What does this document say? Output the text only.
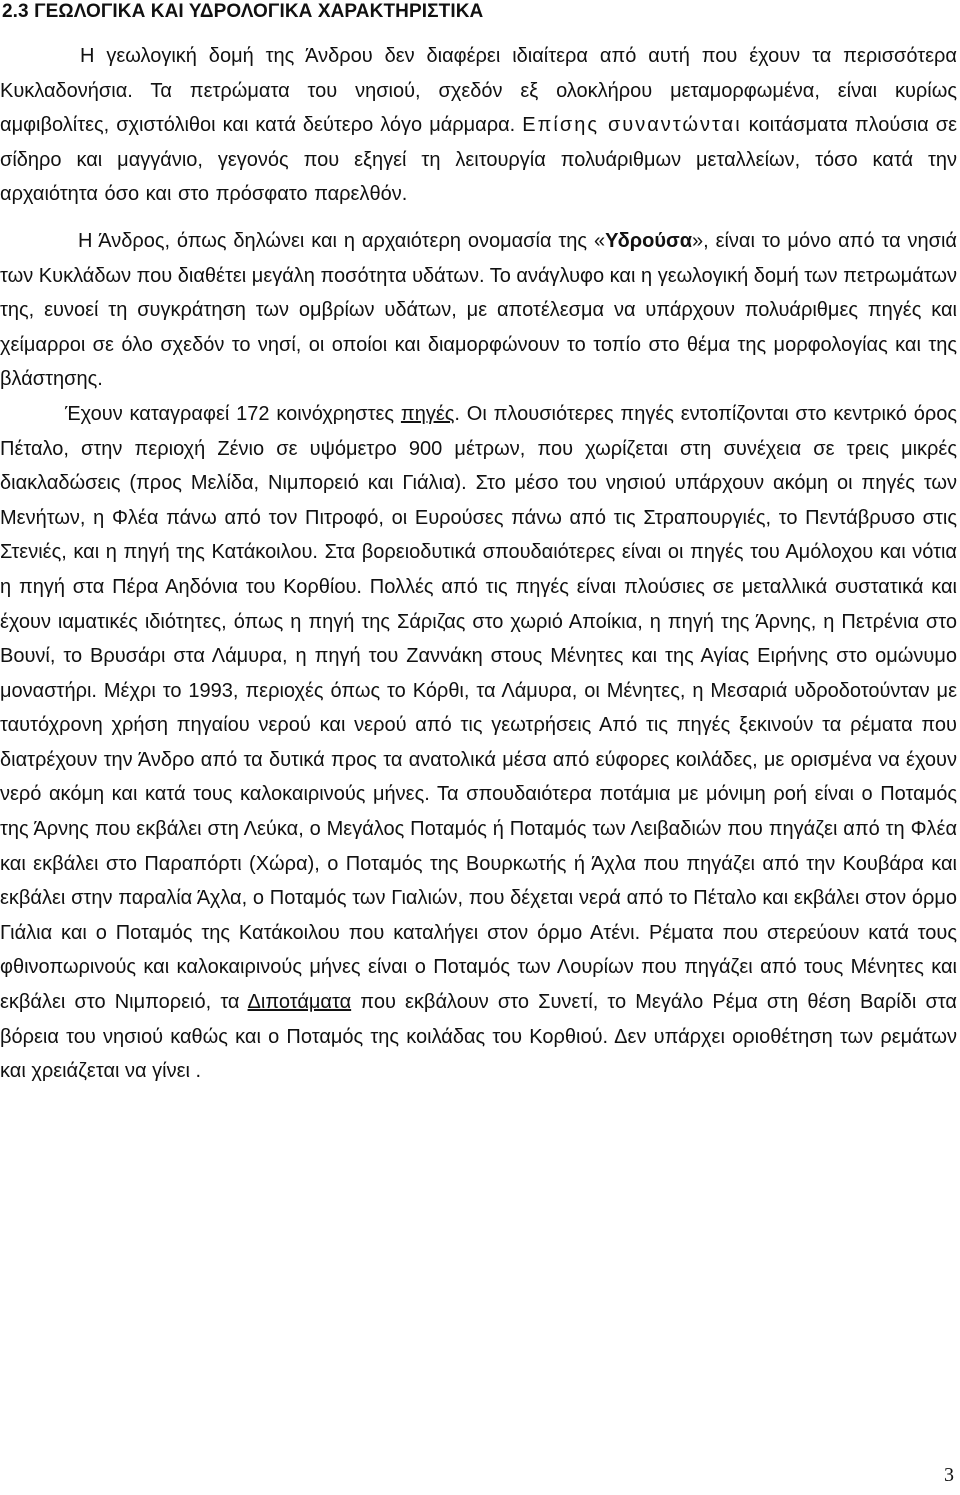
2.3 ΓΕΩΛΟΓΙΚΑ ΚΑΙ ΥΔΡΟΛΟΓΙΚΑ ΧΑΡΑΚΤΗΡΙΣΤΙΚΑ

Η γεωλογική δομή της Άνδρου δεν διαφέρει ιδιαίτερα από αυτή που έχουν τα περισσότερα Κυκλαδονήσια. Τα πετρώματα του νησιού, σχεδόν εξ ολοκλήρου μεταμορφωμένα, είναι κυρίως αμφιβολίτες, σχιστόλιθοι και κατά δεύτερο λόγο μάρμαρα. Επίσης συναντώνται κοιτάσματα πλούσια σε σίδηρο και μαγγάνιο, γεγονός που εξηγεί τη λειτουργία πολυάριθμων μεταλλείων, τόσο κατά την αρχαιότητα όσο και στο πρόσφατο παρελθόν.

Η Άνδρος, όπως δηλώνει και η αρχαιότερη ονομασία της «Υδρούσα», είναι το μόνο από τα νησιά των Κυκλάδων που διαθέτει μεγάλη ποσότητα υδάτων. Το ανάγλυφο και η γεωλογική δομή των πετρωμάτων της, ευνοεί τη συγκράτηση των ομβρίων υδάτων, με αποτέλεσμα να υπάρχουν πολυάριθμες πηγές και χείμαρροι σε όλο σχεδόν το νησί, οι οποίοι και διαμορφώνουν το τοπίο στο θέμα της μορφολογίας και της βλάστησης.

Έχουν καταγραφεί 172 κοινόχρηστες πηγές. Οι πλουσιότερες πηγές εντοπίζονται στο κεντρικό όρος Πέταλο, στην περιοχή Ζένιο σε υψόμετρο 900 μέτρων, που χωρίζεται στη συνέχεια σε τρεις μικρές διακλαδώσεις (προς Μελίδα, Νιμπορειό και Γιάλια). Στο μέσο του νησιού υπάρχουν ακόμη οι πηγές των Μενήτων, η Φλέα πάνω από τον Πιτροφό, οι Ευρούσες πάνω από τις Στραπουργιές, το Πεντάβρυσο στις Στενιές, και η πηγή της Κατάκοιλου. Στα βορειοδυτικά σπουδαιότερες είναι οι πηγές του Αμόλοχου και νότια η πηγή στα Πέρα Αηδόνια του Κορθίου. Πολλές από τις πηγές είναι πλούσιες σε μεταλλικά συστατικά και έχουν ιαματικές ιδιότητες, όπως η πηγή της Σάριζας στο χωριό Αποίκια, η πηγή της Άρνης, η Πετρένια στο Βουνί, το Βρυσάρι στα Λάμυρα, η πηγή του Ζαννάκη στους Μένητες και της Αγίας Ειρήνης στο ομώνυμο μοναστήρι. Μέχρι το 1993, περιοχές όπως το Κόρθι, τα Λάμυρα, οι Μένητες, η Μεσαριά υδροδοτούνταν με ταυτόχρονη χρήση πηγαίου νερού και νερού από τις γεωτρήσεις Από τις πηγές ξεκινούν τα ρέματα που διατρέχουν την Άνδρο από τα δυτικά προς τα ανατολικά μέσα από εύφορες κοιλάδες, με ορισμένα να έχουν νερό ακόμη και κατά τους καλοκαιρινούς μήνες. Τα σπουδαιότερα ποτάμια με μόνιμη ροή είναι ο Ποταμός της Άρνης που εκβάλει στη Λεύκα, ο Μεγάλος Ποταμός ή Ποταμός των Λειβαδιών που πηγάζει από τη Φλέα και εκβάλει στο Παραπόρτι (Χώρα), ο Ποταμός της Βουρκωτής ή Άχλα που πηγάζει από την Κουβάρα και εκβάλει στην παραλία Άχλα, ο Ποταμός των Γιαλιών, που δέχεται νερά από το Πέταλο και εκβάλει στον όρμο Γιάλια και ο Ποταμός της Κατάκοιλου που καταλήγει στον όρμο Ατένι. Ρέματα που στερεύουν κατά τους φθινοπωρινούς και καλοκαιρινούς μήνες είναι ο Ποταμός των Λουρίων που πηγάζει από τους Μένητες και εκβάλει στο Νιμπορειό, τα Διποτάματα που εκβάλουν στο Συνετί, το Μεγάλο Ρέμα στη θέση Βαρίδι στα βόρεια του νησιού καθώς και ο Ποταμός της κοιλάδας του Κορθιού. Δεν υπάρχει οριοθέτηση των ρεμάτων και χρειάζεται να γίνει .

3
